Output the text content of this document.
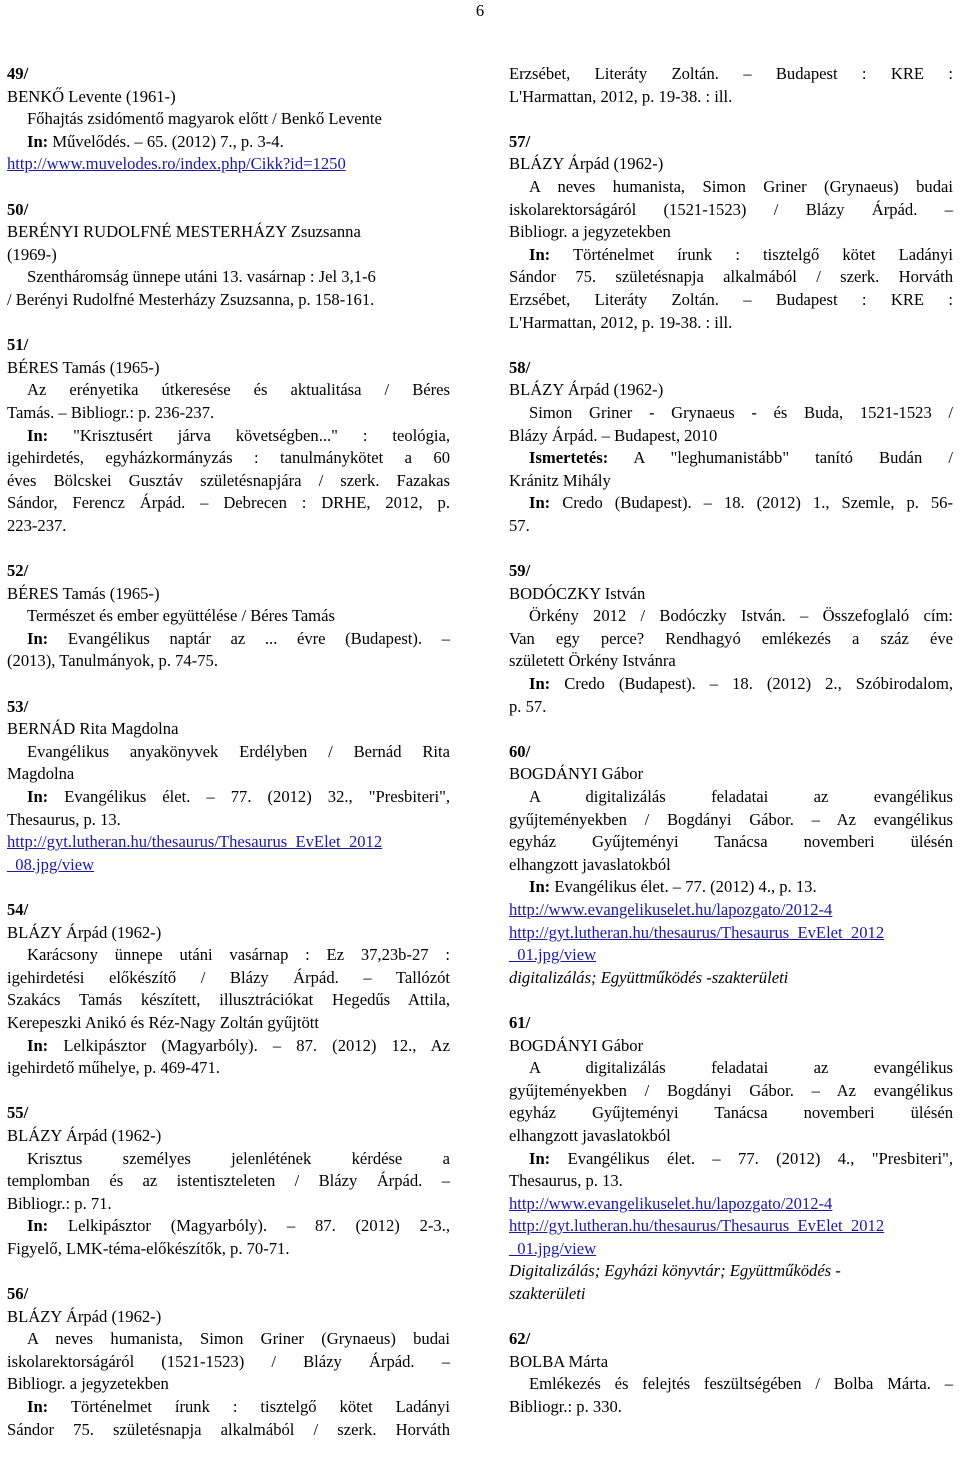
6
49/
BENKŐ Levente (1961-)
Főhajtás zsidómentő magyarok előtt / Benkő Levente
In: Művelődés. – 65. (2012) 7., p. 3-4.
http://www.muvelodes.ro/index.php/Cikk?id=1250
50/
BERÉNYI RUDOLFNÉ MESTERHÁZY Zsuzsanna
(1969-)
Szentháromság ünnepe utáni 13. vasárnap : Jel 3,1-6
/ Berényi Rudolfné Mesterházy Zsuzsanna, p. 158-161.
51/
BÉRES Tamás (1965-)
Az erényetika útkeresése és aktualitása / Béres
Tamás. – Bibliogr.: p. 236-237.
In: "Krisztusért járva követségben..." : teológia,
igehirdetés, egyházkormányzás : tanulmánykötet a 60
éves Bölcskei Gusztáv születésnapjára / szerk. Fazakas
Sándor, Ferencz Árpád. – Debrecen : DRHE, 2012, p.
223-237.
52/
BÉRES Tamás (1965-)
Természet és ember együttélése / Béres Tamás
In: Evangélikus naptár az ... évre (Budapest). –
(2013), Tanulmányok, p. 74-75.
53/
BERNÁD Rita Magdolna
Evangélikus anyakönyvek Erdélyben / Bernád Rita
Magdolna
In: Evangélikus élet. – 77. (2012) 32., "Presbiteri",
Thesaurus, p. 13.
http://gyt.lutheran.hu/thesaurus/Thesaurus_EvElet_2012
_08.jpg/view
54/
BLÁZY Árpád (1962-)
Karácsony ünnepe utáni vasárnap : Ez 37,23b-27 :
igehirdetési előkészítő / Blázy Árpád. – Tallózót
Szakács Tamás készített, illusztrációkat Hegedűs Attila,
Kerepeszki Anikó és Réz-Nagy Zoltán gyűjtött
In: Lelkipásztor (Magyarbóly). – 87. (2012) 12., Az
igehirdető műhelye, p. 469-471.
55/
BLÁZY Árpád (1962-)
Krisztus személyes jelenlétének kérdése a
templomban és az istentiszteleten / Blázy Árpád. –
Bibliogr.: p. 71.
In: Lelkipásztor (Magyarbóly). – 87. (2012) 2-3.,
Figyelő, LMK-téma-előkészítők, p. 70-71.
56/
BLÁZY Árpád (1962-)
A neves humanista, Simon Griner (Grynaeus) budai
iskolarektorságáról (1521-1523) / Blázy Árpád. –
Bibliogr. a jegyzetekben
In: Történelmet írunk : tisztelgő kötet Ladányi
Sándor 75. születésnapja alkalmából / szerk. Horváth
Erzsébet, Literáty Zoltán. – Budapest : KRE :
L'Harmattan, 2012, p. 19-38. : ill.
57/
BLÁZY Árpád (1962-)
A neves humanista, Simon Griner (Grynaeus) budai
iskolarektorságáról (1521-1523) / Blázy Árpád. –
Bibliogr. a jegyzetekben
In: Történelmet írunk : tisztelgő kötet Ladányi
Sándor 75. születésnapja alkalmából / szerk. Horváth
Erzsébet, Literáty Zoltán. – Budapest : KRE :
L'Harmattan, 2012, p. 19-38. : ill.
58/
BLÁZY Árpád (1962-)
Simon Griner - Grynaeus - és Buda, 1521-1523 /
Blázy Árpád. – Budapest, 2010
Ismertetés: A "leghumanistább" tanító Budán /
Kránitz Mihály
In: Credo (Budapest). – 18. (2012) 1., Szemle, p. 56-
57.
59/
BODÓCZKY István
Örkény 2012 / Bodóczky István. – Összefoglaló cím:
Van egy perce? Rendhagyó emlékezés a száz éve
született Örkény Istvánra
In: Credo (Budapest). – 18. (2012) 2., Szóbirodalom,
p. 57.
60/
BOGDÁNYI Gábor
A digitalizálás feladatai az evangélikus
gyűjteményekben / Bogdányi Gábor. – Az evangélikus
egyház Gyűjteményi Tanácsa novemberi ülésén
elhangzott javaslatokból
In: Evangélikus élet. – 77. (2012) 4., p. 13.
http://www.evangelikuselet.hu/lapozgato/2012-4
http://gyt.lutheran.hu/thesaurus/Thesaurus_EvElet_2012
_01.jpg/view
digitalizálás; Együttműködés -szakterületi
61/
BOGDÁNYI Gábor
A digitalizálás feladatai az evangélikus
gyűjteményekben / Bogdányi Gábor. – Az evangélikus
egyház Gyűjteményi Tanácsa novemberi ülésén
elhangzott javaslatokból
In: Evangélikus élet. – 77. (2012) 4., "Presbiteri",
Thesaurus, p. 13.
http://www.evangelikuselet.hu/lapozgato/2012-4
http://gyt.lutheran.hu/thesaurus/Thesaurus_EvElet_2012
_01.jpg/view
Digitalizálás; Egyházi könyvtár; Együttműködés -
szakterületi
62/
BOLBA Márta
Emlékezés és felejtés feszültségében / Bolba Márta. –
Bibliogr.: p. 330.
